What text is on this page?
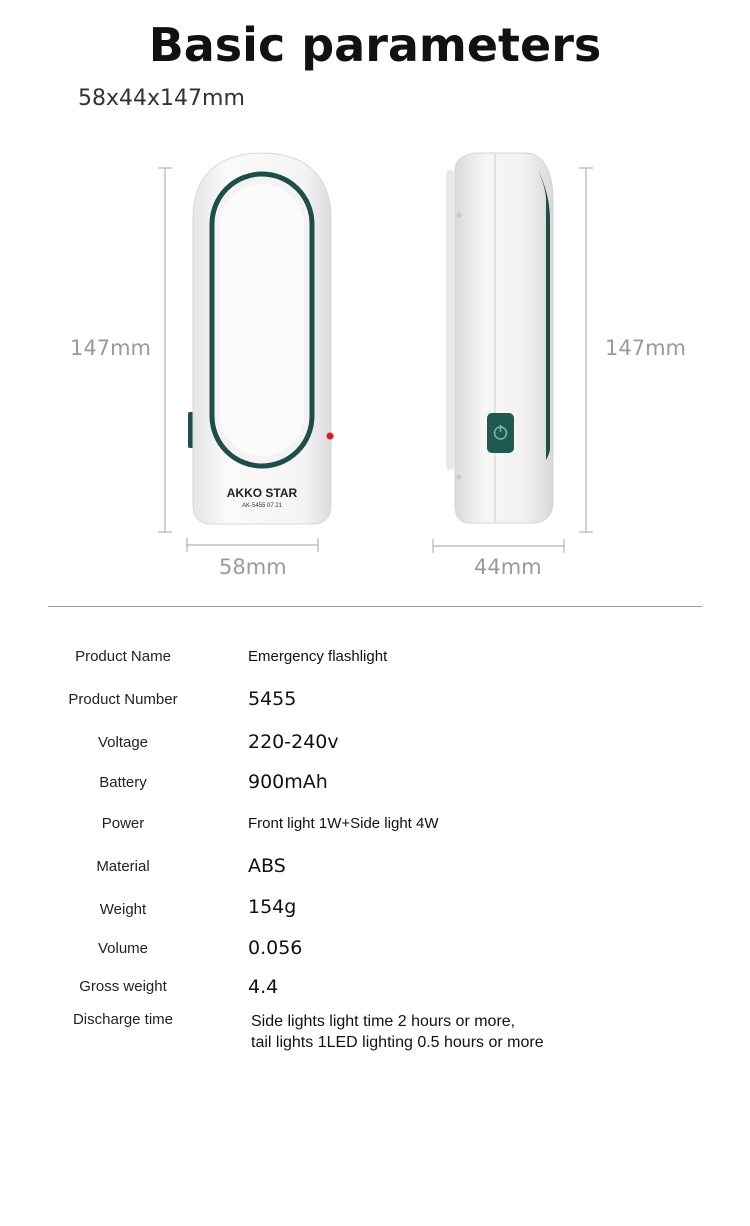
Basic parameters
58x44x147mm
AKKO STAR
AK-5455 07 21
147mm
58mm
147mm
44mm
Product Name	Emergency flashlight
Product Number	5455
Voltage	220-240v
Battery	900mAh
Power	Front light 1W+Side light 4W
Material	ABS
Weight	154g
Volume	0.056
Gross weight	4.4
Discharge time	Side lights light time 2 hours or more,
tail lights 1LED lighting 0.5 hours or more
